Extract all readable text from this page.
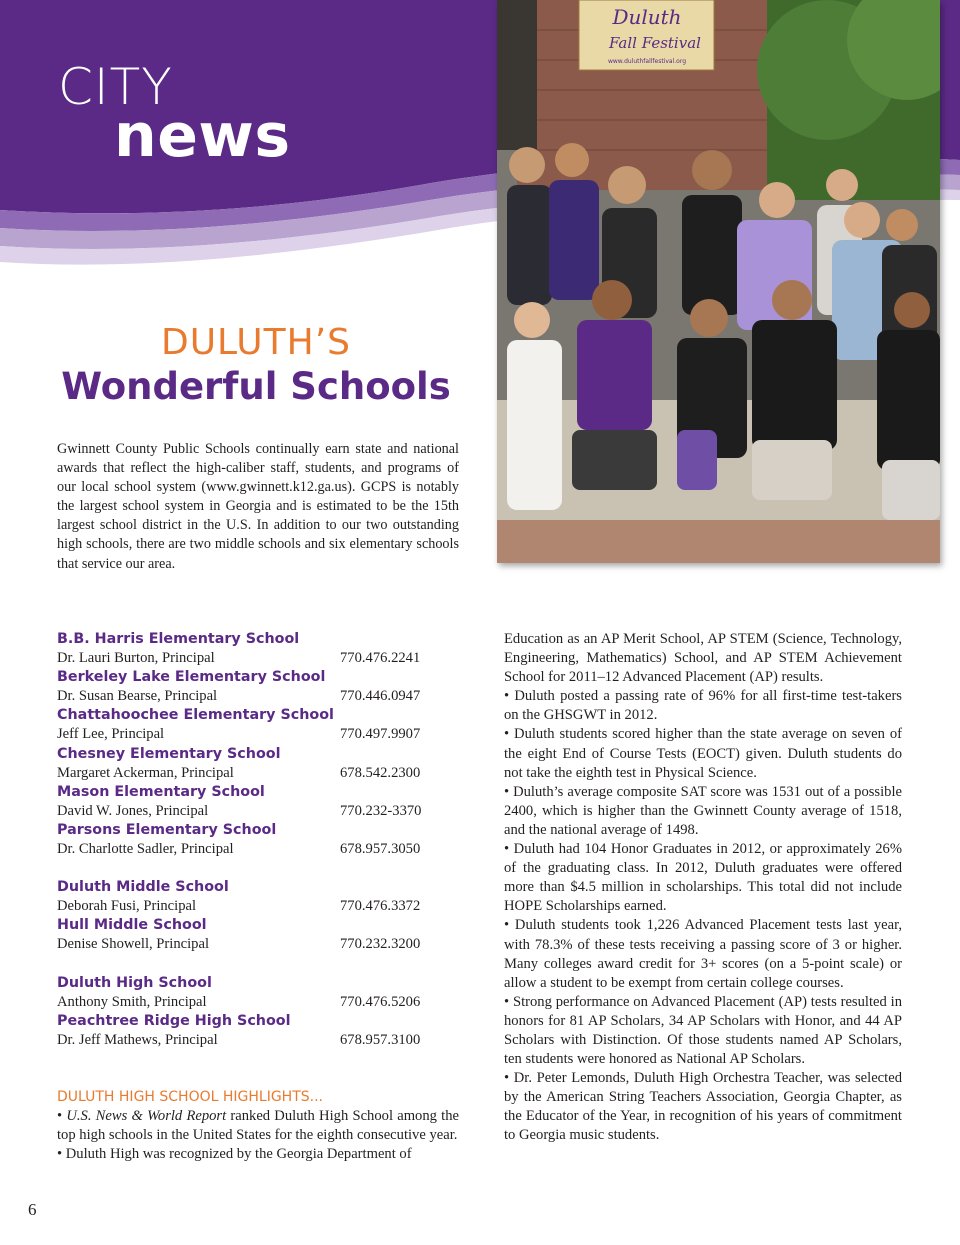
CITY
news
Duluth
Fall Festival
www.duluthfallfestival.org
DULUTH’S
Wonderful Schools

Gwinnett County Public Schools continually earn state and national awards that reflect the high-caliber staff, students, and programs of our local school system (www.gwinnett.k12.ga.us). GCPS is notably the largest school system in Georgia and is estimated to be the 15th largest school district in the U.S. In addition to our two outstanding high schools, there are two middle schools and six elementary schools that service our area.

B.B. Harris Elementary School
Dr. Lauri Burton, Principal	770.476.2241
Berkeley Lake Elementary School
Dr. Susan Bearse, Principal	770.446.0947
Chattahoochee Elementary School
Jeff Lee, Principal	770.497.9907
Chesney Elementary School
Margaret Ackerman, Principal	678.542.2300
Mason Elementary School
David W. Jones, Principal	770.232-3370
Parsons Elementary School
Dr. Charlotte Sadler, Principal	678.957.3050
Duluth Middle School
Deborah Fusi, Principal	770.476.3372
Hull Middle School
Denise Showell, Principal	770.232.3200
Duluth High School
Anthony Smith, Principal	770.476.5206
Peachtree Ridge High School
Dr. Jeff Mathews, Principal	678.957.3100
DULUTH HIGH SCHOOL HIGHLIGHTS...

• U.S. News & World Report ranked Duluth High School among the top high schools in the United States for the eighth consecutive year.

• Duluth High was recognized by the Georgia Department of

Education as an AP Merit School, AP STEM (Science, Technology, Engineering, Mathematics) School, and AP STEM Achievement School for 2011–12 Advanced Placement (AP) results.

• Duluth posted a passing rate of 96% for all first-time test-takers on the GHSGWT in 2012.

• Duluth students scored higher than the state average on seven of the eight End of Course Tests (EOCT) given. Duluth students do not take the eighth test in Physical Science.

• Duluth’s average composite SAT score was 1531 out of a possible 2400, which is higher than the Gwinnett County average of 1518, and the national average of 1498.

• Duluth had 104 Honor Graduates in 2012, or approximately 26% of the graduating class. In 2012, Duluth graduates were offered more than $4.5 million in scholarships. This total did not include HOPE Scholarships earned.

• Duluth students took 1,226 Advanced Placement tests last year, with 78.3% of these tests receiving a passing score of 3 or higher. Many colleges award credit for 3+ scores (on a 5-point scale) or allow a student to be exempt from certain college courses.

• Strong performance on Advanced Placement (AP) tests resulted in honors for 81 AP Scholars, 34 AP Scholars with Honor, and 44 AP Scholars with Distinction. Of those students named AP Scholars, ten students were honored as National AP Scholars.

• Dr. Peter Lemonds, Duluth High Orchestra Teacher, was selected by the American String Teachers Association, Georgia Chapter, as the Educator of the Year, in recognition of his years of commitment to Georgia music students.

6
